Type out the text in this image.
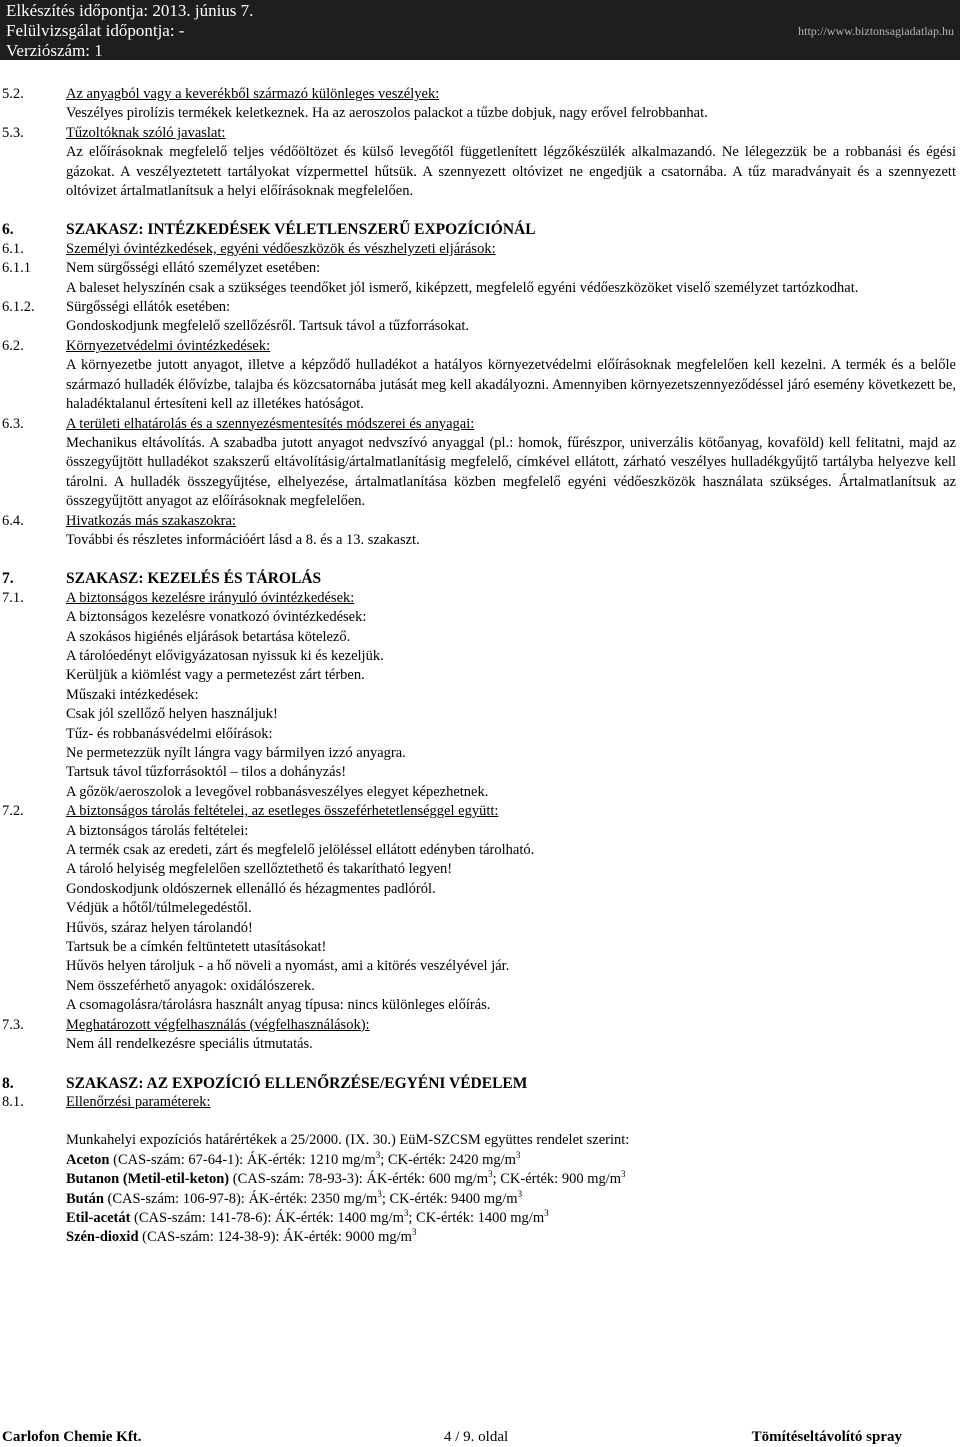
Elkészítés időpontja: 2013. június 7.
Felülvizsgálat időpontja: -
Verziószám: 1
http://www.biztonsagiadatlap.hu
5.2.	Az anyagból vagy a keverékből származó különleges veszélyek:
Veszélyes pirolízis termékek keletkeznek. Ha az aeroszolos palackot a tűzbe dobjuk, nagy erővel felrobbanhat.
5.3.	Tűzoltóknak szóló javaslat:
Az előírásoknak megfelelő teljes védőöltözet és külső levegőtől függetlenített légzőkészülék alkalmazandó. Ne lélegezzük be a robbanási és égési gázokat. A veszélyeztetett tartályokat vízpermettel hűtsük. A szennyezett oltóvizet ne engedjük a csatornába. A tűz maradványait és a szennyezett oltóvizet ártalmatlanítsuk a helyi előírásoknak megfelelően.
6.	SZAKASZ: INTÉZKEDÉSEK VÉLETLENSZERŰ EXPOZÍCIÓNÁL
6.1.	Személyi óvintézkedések, egyéni védőeszközök és vészhelyzeti eljárások:
6.1.1	Nem sürgősségi ellátó személyzet esetében:
A baleset helyszínén csak a szükséges teendőket jól ismerő, kiképzett, megfelelő egyéni védőeszközöket viselő személyzet tartózkodhat.
6.1.2.	Sürgősségi ellátók esetében:
Gondoskodjunk megfelelő szellőzésről. Tartsuk távol a tűzforrásokat.
6.2.	Környezetvédelmi óvintézkedések:
A környezetbe jutott anyagot, illetve a képződő hulladékot a hatályos környezetvédelmi előírásoknak megfelelően kell kezelni. A termék és a belőle származó hulladék élővízbe, talajba és közcsatornába jutását meg kell akadályozni. Amennyiben környezetszennyeződéssel járó esemény következett be, haladéktalanul értesíteni kell az illetékes hatóságot.
6.3.	A területi elhatárolás és a szennyezésmentesítés módszerei és anyagai:
Mechanikus eltávolítás. A szabadba jutott anyagot nedvszívó anyaggal (pl.: homok, fűrészpor, univerzális kötőanyag, kovaföld) kell felitatni, majd az összegyűjtött hulladékot szakszerű eltávolításig/ártalmatlanításig megfelelő, címkével ellátott, zárható veszélyes hulladékgyűjtő tartályba helyezve kell tárolni. A hulladék összegyűjtése, elhelyezése, ártalmatlanítása közben megfelelő egyéni védőeszközök használata szükséges. Ártalmatlanítsuk az összegyűjtött anyagot az előírásoknak megfelelően.
6.4.	Hivatkozás más szakaszokra:
További és részletes információért lásd a 8. és a 13. szakaszt.
7.	SZAKASZ: KEZELÉS ÉS TÁROLÁS
7.1.	A biztonságos kezelésre irányuló óvintézkedések:
A biztonságos kezelésre vonatkozó óvintézkedések:
A szokásos higiénés eljárások betartása kötelező.
A tárolóedényt elővigyázatosan nyissuk ki és kezeljük.
Kerüljük a kiömlést vagy a permetezést zárt térben.
Műszaki intézkedések:
Csak jól szellőző helyen használjuk!
Tűz- és robbanásvédelmi előírások:
Ne permetezzük nyílt lángra vagy bármilyen izzó anyagra.
Tartsuk távol tűzforrásoktól – tilos a dohányzás!
A gőzök/aeroszolok a levegővel robbanásveszélyes elegyet képezhetnek.
7.2.	A biztonságos tárolás feltételei, az esetleges összeférhetetlenséggel együtt:
A biztonságos tárolás feltételei:
A termék csak az eredeti, zárt és megfelelő jelöléssel ellátott edényben tárolható.
A tároló helyiség megfelelően szellőztethető és takarítható legyen!
Gondoskodjunk oldószernek ellenálló és hézagmentes padlóról.
Védjük a hőtől/túlmelegedéstől.
Hűvös, száraz helyen tárolandó!
Tartsuk be a címkén feltüntetett utasításokat!
Hűvös helyen tároljuk - a hő növeli a nyomást, ami a kitörés veszélyével jár.
Nem összeférhető anyagok: oxidálószerek.
A csomagolásra/tárolásra használt anyag típusa: nincs különleges előírás.
7.3.	Meghatározott végfelhasználás (végfelhasználások):
Nem áll rendelkezésre speciális útmutatás.
8.	SZAKASZ: AZ EXPOZÍCIÓ ELLENŐRZÉSE/EGYÉNI VÉDELEM
8.1.	Ellenőrzési paraméterek:
Munkahelyi expozíciós határértékek a 25/2000. (IX. 30.) EüM-SZCSM együttes rendelet szerint:
Aceton (CAS-szám: 67-64-1): ÁK-érték: 1210 $mg/m^3$; CK-érték: 2420 $mg/m^3$
Butanon (Metil-etil-keton) (CAS-szám: 78-93-3): ÁK-érték: 600 $mg/m^3$; CK-érték: 900 $mg/m^3$
Bután (CAS-szám: 106-97-8): ÁK-érték: 2350 $mg/m^3$; CK-érték: 9400 $mg/m^3$
Etil-acetát (CAS-szám: 141-78-6): ÁK-érték: 1400 $mg/m^3$; CK-érték: 1400 $mg/m^3$
Szén-dioxid (CAS-szám: 124-38-9): ÁK-érték: 9000 $mg/m^3$
Carlofon Chemie Kft.	4 / 9. oldal	Tömítéseltávolító spray
